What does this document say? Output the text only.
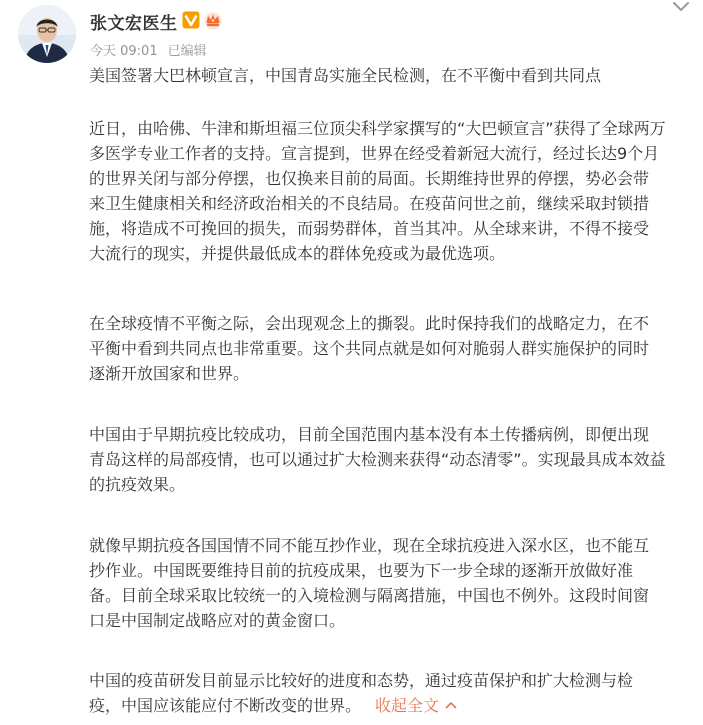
张文宏医生
今天 09:01 已编辑
美国签署大巴林顿宣言，中国青岛实施全民检测，在不平衡中看到共同点
近日，由哈佛、牛津和斯坦福三位顶尖科学家撰写的“大巴顿宣言”获得了全球两万
多医学专业工作者的支持。宣言提到，世界在经受着新冠大流行，经过长达9个月
的世界关闭与部分停摆，也仅换来目前的局面。长期维持世界的停摆，势必会带
来卫生健康相关和经济政治相关的不良结局。在疫苗问世之前，继续采取封锁措
施，将造成不可挽回的损失，而弱势群体，首当其冲。从全球来讲，不得不接受
大流行的现实，并提供最低成本的群体免疫或为最优选项。
在全球疫情不平衡之际，会出现观念上的撕裂。此时保持我们的战略定力，在不
平衡中看到共同点也非常重要。这个共同点就是如何对脆弱人群实施保护的同时
逐渐开放国家和世界。
中国由于早期抗疫比较成功，目前全国范围内基本没有本土传播病例，即便出现
青岛这样的局部疫情，也可以通过扩大检测来获得“动态清零”。实现最具成本效益
的抗疫效果。
就像早期抗疫各国国情不同不能互抄作业，现在全球抗疫进入深水区，也不能互
抄作业。中国既要维持目前的抗疫成果，也要为下一步全球的逐渐开放做好准
备。目前全球采取比较统一的入境检测与隔离措施，中国也不例外。这段时间窗
口是中国制定战略应对的黄金窗口。
中国的疫苗研发目前显示比较好的进度和态势，通过疫苗保护和扩大检测与检
疫，中国应该能应付不断改变的世界。 收起全文
